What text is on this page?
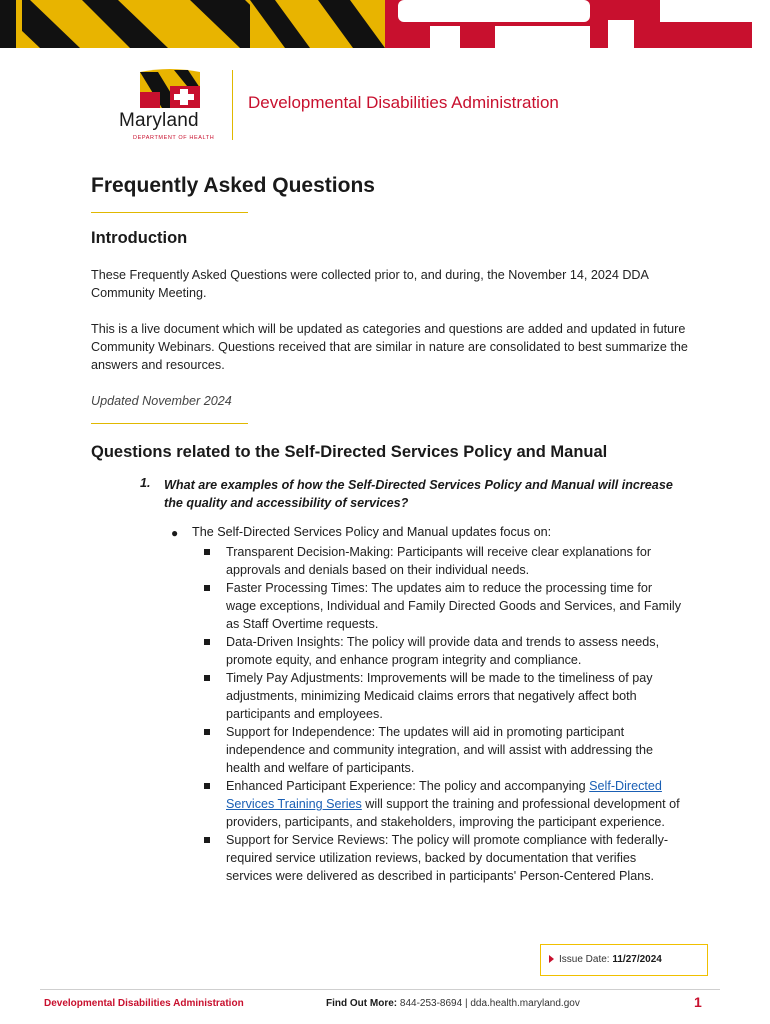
Maryland
DEPARTMENT OF HEALTH
Developmental Disabilities Administration
Frequently Asked Questions
Introduction
These Frequently Asked Questions were collected prior to, and during, the November 14, 2024 DDA Community Meeting.
This is a live document which will be updated as categories and questions are added and updated in future Community Webinars. Questions received that are similar in nature are consolidated to best summarize the answers and resources.
Updated November 2024
Questions related to the Self-Directed Services Policy and Manual
1. What are examples of how the Self-Directed Services Policy and Manual will increase the quality and accessibility of services?
● The Self-Directed Services Policy and Manual updates focus on:
Transparent Decision-Making: Participants will receive clear explanations for approvals and denials based on their individual needs.
Faster Processing Times: The updates aim to reduce the processing time for wage exceptions, Individual and Family Directed Goods and Services, and Family as Staff Overtime requests.
Data-Driven Insights: The policy will provide data and trends to assess needs, promote equity, and enhance program integrity and compliance.
Timely Pay Adjustments: Improvements will be made to the timeliness of pay adjustments, minimizing Medicaid claims errors that negatively affect both participants and employees.
Support for Independence: The updates will aid in promoting participant independence and community integration, and will assist with addressing the health and welfare of participants.
Enhanced Participant Experience: The policy and accompanying Self-Directed Services Training Series will support the training and professional development of providers, participants, and stakeholders, improving the participant experience.
Support for Service Reviews: The policy will promote compliance with federally-required service utilization reviews, backed by documentation that verifies services were delivered as described in participants' Person-Centered Plans.
Issue Date: 11/27/2024
Developmental Disabilities Administration	Find Out More: 844-253-8694 | dda.health.maryland.gov	1
